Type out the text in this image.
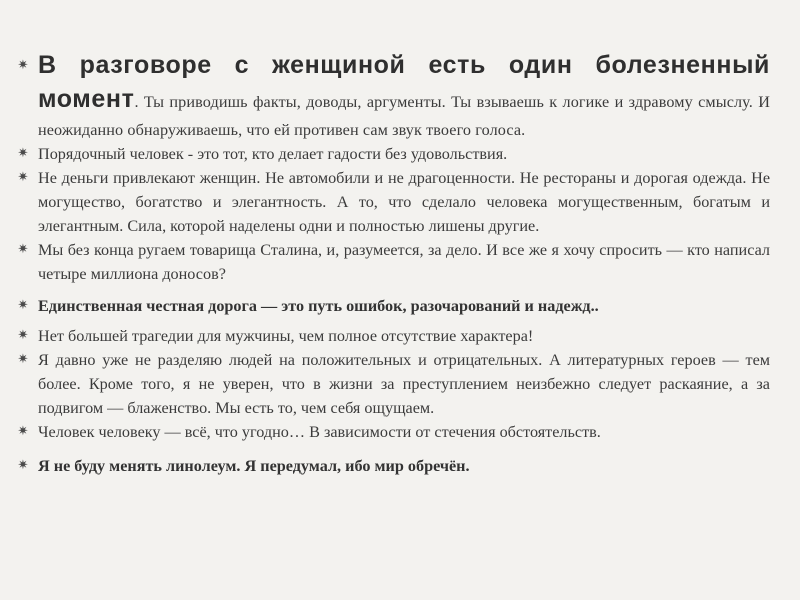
✷ В разговоре с женщиной есть один болезненный момент. Ты приводишь факты, доводы, аргументы. Ты взываешь к логике и здравому смыслу. И неожиданно обнаруживаешь, что ей противен сам звук твоего голоса.
✷ Порядочный человек - это тот, кто делает гадости без удовольствия.
✷ Не деньги привлекают женщин. Не автомобили и не драгоценности. Не рестораны и дорогая одежда. Не могущество, богатство и элегантность. А то, что сделало человека могущественным, богатым и элегантным. Сила, которой наделены одни и полностью лишены другие.
✷ Мы без конца ругаем товарища Сталина, и, разумеется, за дело. И все же я хочу спросить — кто написал четыре миллиона доносов?
✷ Единственная честная дорога — это путь ошибок, разочарований и надежд..
✷ Нет большей трагедии для мужчины, чем полное отсутствие характера!
✷ Я давно уже не разделяю людей на положительных и отрицательных. А литературных героев — тем более. Кроме того, я не уверен, что в жизни за преступлением неизбежно следует раскаяние, а за подвигом — блаженство. Мы есть то, чем себя ощущаем.
✷ Человек человеку — всё, что угодно… В зависимости от стечения обстоятельств.
✷ Я не буду менять линолеум. Я передумал, ибо мир обречён.
